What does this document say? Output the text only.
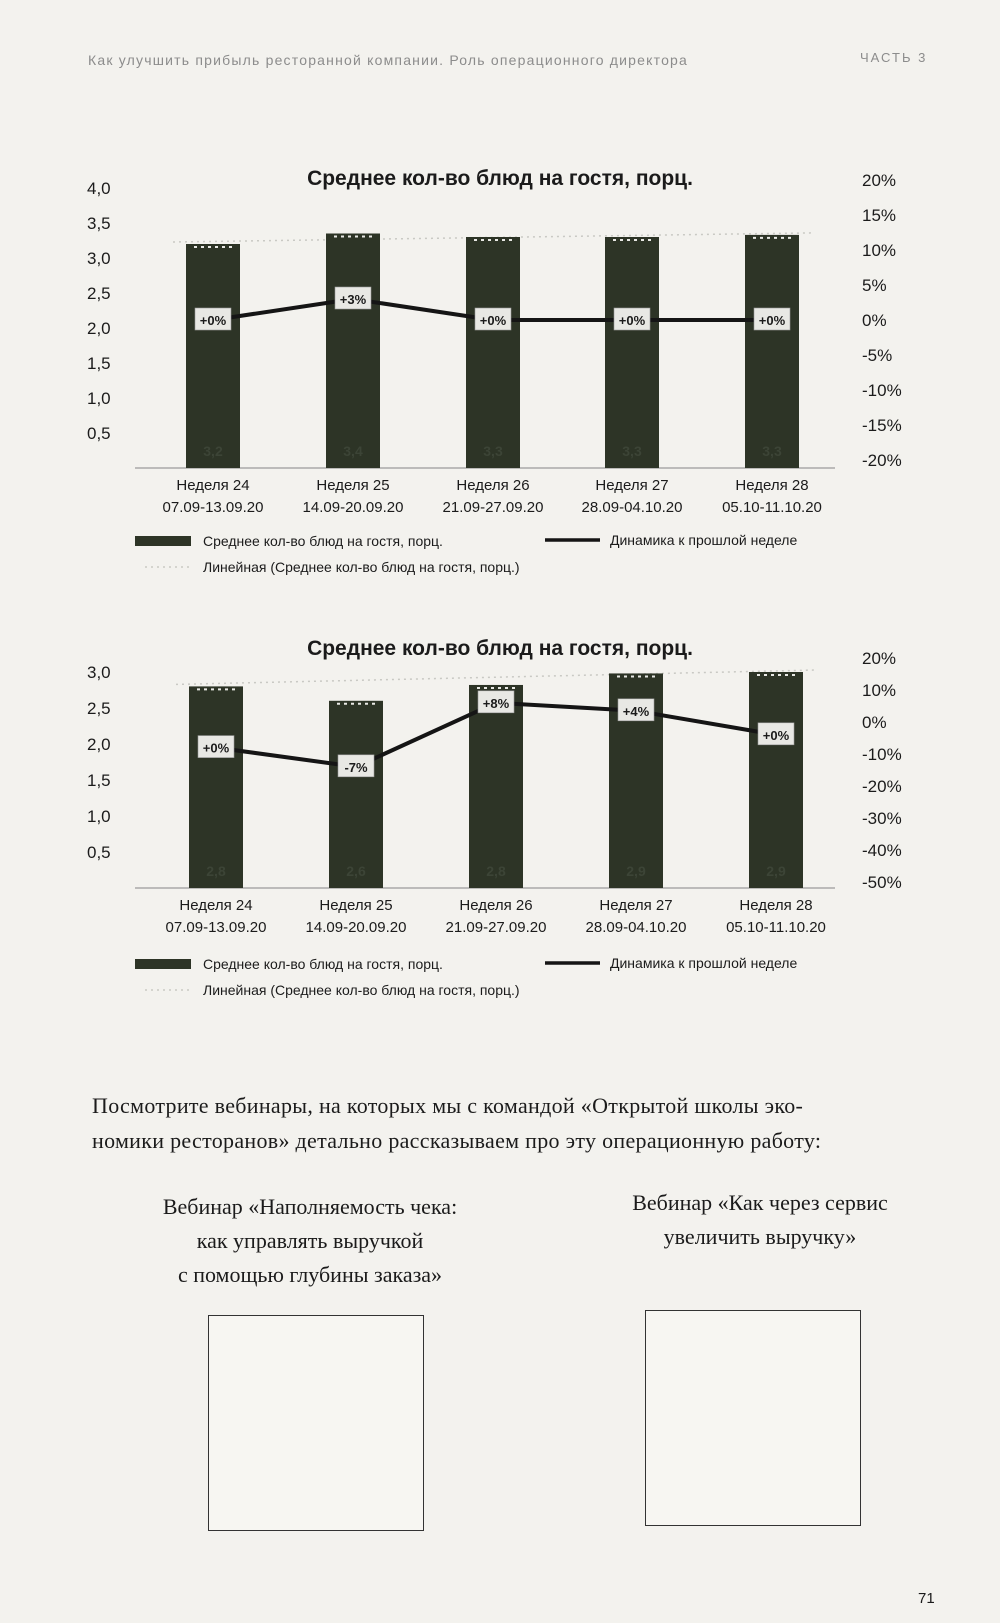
Как улучшить прибыль ресторанной компании. Роль операционного директора	ЧАСТЬ 3
Среднее кол-во блюд на гостя, порц.
4,0
3,5
3,0
2,5
2,0
1,5
1,0
0,5
20%
15%
10%
5%
0%
-5%
-10%
-15%
-20%
3,2
Неделя 24
07.09-13.09.20
3,4
Неделя 25
14.09-20.09.20
3,3
Неделя 26
21.09-27.09.20
3,3
Неделя 27
28.09-04.10.20
3,3
Неделя 28
05.10-11.10.20
+0%
+3%
+0%	+0%	+0%
Среднее кол-во блюд на гостя, порц.	Динамика к прошлой неделе
Линейная (Среднее кол-во блюд на гостя, порц.)
Среднее кол-во блюд на гостя, порц.
3,0
2,5
2,0
1,5
1,0
0,5
20%
10%
0%
-10%
-20%
-30%
-40%
-50%
2,8
Неделя 24
07.09-13.09.20
2,6
Неделя 25
14.09-20.09.20
2,8
Неделя 26
21.09-27.09.20
2,9
Неделя 27
28.09-04.10.20
2,9
Неделя 28
05.10-11.10.20
+0%
-7%
+8%
+4%
+0%
Среднее кол-во блюд на гостя, порц.	Динамика к прошлой неделе
Линейная (Среднее кол-во блюд на гостя, порц.)
Посмотрите вебинары, на которых мы с командой «Открытой школы эко-
номики ресторанов» детально рассказываем про эту операционную работу:
Вебинар «Наполняемость чека:
как управлять выручкой
с помощью глубины заказа»
Вебинар «Как через сервис
увеличить выручку»
71
